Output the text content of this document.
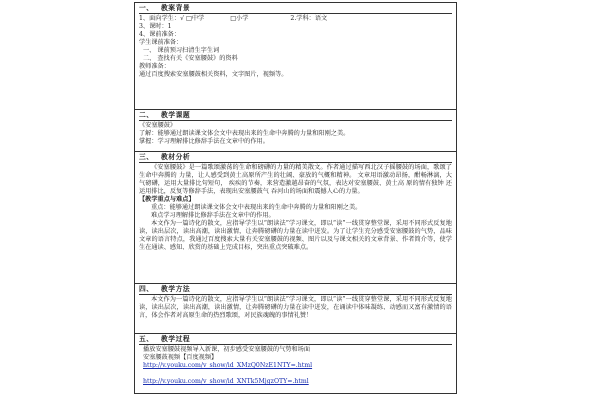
一、 教案背景
1、面向学生：√ □中学	□小学	2.学科：语文
3、课时：1
4、课前准备：
学生课前准备：
一、 课前预习扫清生字生词
二、 查找有关《安塞腰鼓》的资料
教师准备：
通过百度搜索安塞腰鼓相关资料，文字图片，视频等。
二、 教学课题
《安塞腰鼓》
了解：能够通过朗读课文体会文中表现出来的生命中奔腾的力量和阳刚之美。
掌握：学习理解排比修辞手法在文章中的作用。
三、 教材分析
《安塞腰鼓》是一篇歌颂激荡的生命和磅礴的力量的精美散文。作者通过描写西北汉子摇腰鼓的场面，歌颂了生命中奔腾的 力量，让人感受到黄土高原所产生的壮阔、豪放的气概和精神。 文章用语激动昂扬，酣畅淋漓，大气磅礴，运用大量排比句短句， 疾疾的节奏，来营造激越昂奋的气氛，表达对安塞腰鼓、黄土高 原的情有独钟 还运用排比，反复等修辞手法，表现出安塞腰鼓气 吞河山的场面和震撼人心的力量。
【教学重点与难点】
重点：能够通过朗读课文体会文中表现出来的生命中奔腾的力量和阳刚之美。
难点学习理解排比修辞手法在文章中的作用。
本文作为一篇诗化的散文，应指导学生以“朗读法”学习课文，即以“读”一线贯穿整堂课，采用不同形式反复地读，读出层次，读出高潮，读出激情，让奔腾磅礴的力量在读中迸发。为了让学生充分感受安塞腰鼓的气势，品味文章的语言特点，我通过百度搜索大量有关安塞腰鼓的视频、图片以及与课文相关的文章背景、作者简介等，使学生在通读、感知、欣赏的基础上完成目标，突出重点突破难点。
四、 教学方法
本文作为一篇诗化的散文，应指导学生以“朗读法”学习课文，即以“读”一线贯穿整堂课，采用不同形式反复地读，读出层次，读出高潮，读出激情，让奔腾磅礴的力量在读中迸发，在诵读中体味凝练、动感而又富有激情的语言，体会作者对高原生命的热烈歌颂，对民族魂魄的事情礼赞！
五、 教学过程
播放安塞腰鼓视频导入新课，初步感受安塞腰鼓的气势和场面
安塞腰鼓视频【百度视频】
http://v.youku.com/v_show/id_XMzQ0NzE1NTY=.html
http://v.youku.com/v_show/id_XNTk5MjgzOTY=.html
